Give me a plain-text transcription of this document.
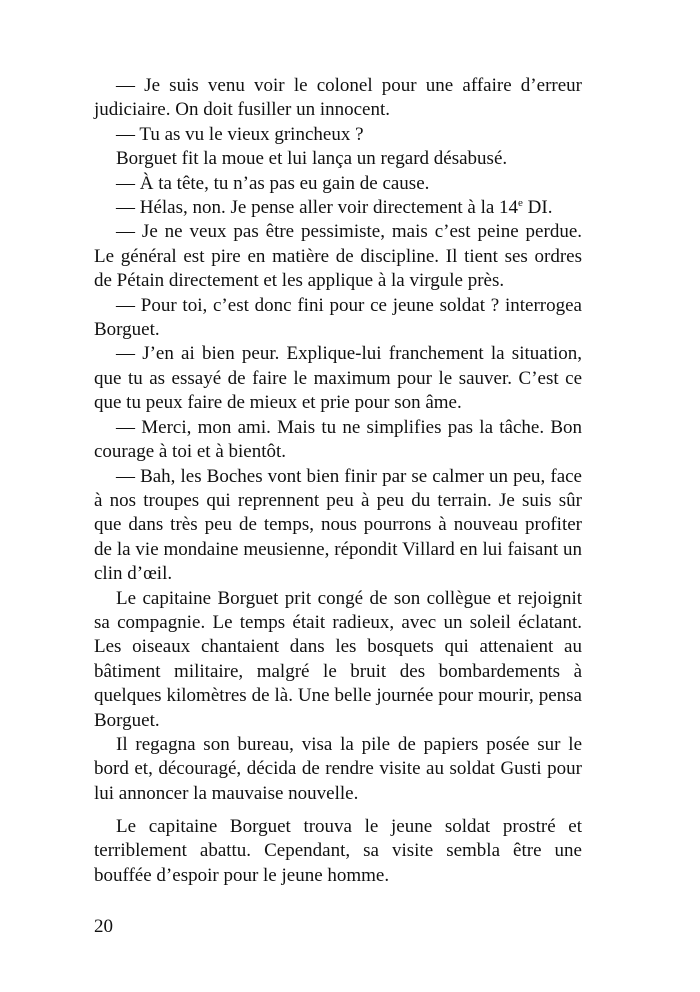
— Je suis venu voir le colonel pour une affaire d’erreur judiciaire. On doit fusiller un innocent.

— Tu as vu le vieux grincheux ?

Borguet fit la moue et lui lança un regard désabusé.

— À ta tête, tu n’as pas eu gain de cause.

— Hélas, non. Je pense aller voir directement à la 14e DI.

— Je ne veux pas être pessimiste, mais c’est peine perdue. Le général est pire en matière de discipline. Il tient ses ordres de Pétain directement et les applique à la virgule près.

— Pour toi, c’est donc fini pour ce jeune soldat ? interrogea Borguet.

— J’en ai bien peur. Explique-lui franchement la situation, que tu as essayé de faire le maximum pour le sauver. C’est ce que tu peux faire de mieux et prie pour son âme.

— Merci, mon ami. Mais tu ne simplifies pas la tâche. Bon courage à toi et à bientôt.

— Bah, les Boches vont bien finir par se calmer un peu, face à nos troupes qui reprennent peu à peu du terrain. Je suis sûr que dans très peu de temps, nous pourrons à nouveau profiter de la vie mondaine meusienne, répondit Villard en lui faisant un clin d’œil.

Le capitaine Borguet prit congé de son collègue et rejoignit sa compagnie. Le temps était radieux, avec un soleil éclatant. Les oiseaux chantaient dans les bosquets qui attenaient au bâtiment militaire, malgré le bruit des bombardements à quelques kilomètres de là. Une belle journée pour mourir, pensa Borguet.

Il regagna son bureau, visa la pile de papiers posée sur le bord et, découragé, décida de rendre visite au soldat Gusti pour lui annoncer la mauvaise nouvelle.

Le capitaine Borguet trouva le jeune soldat prostré et terriblement abattu. Cependant, sa visite sembla être une bouffée d’espoir pour le jeune homme.

20
